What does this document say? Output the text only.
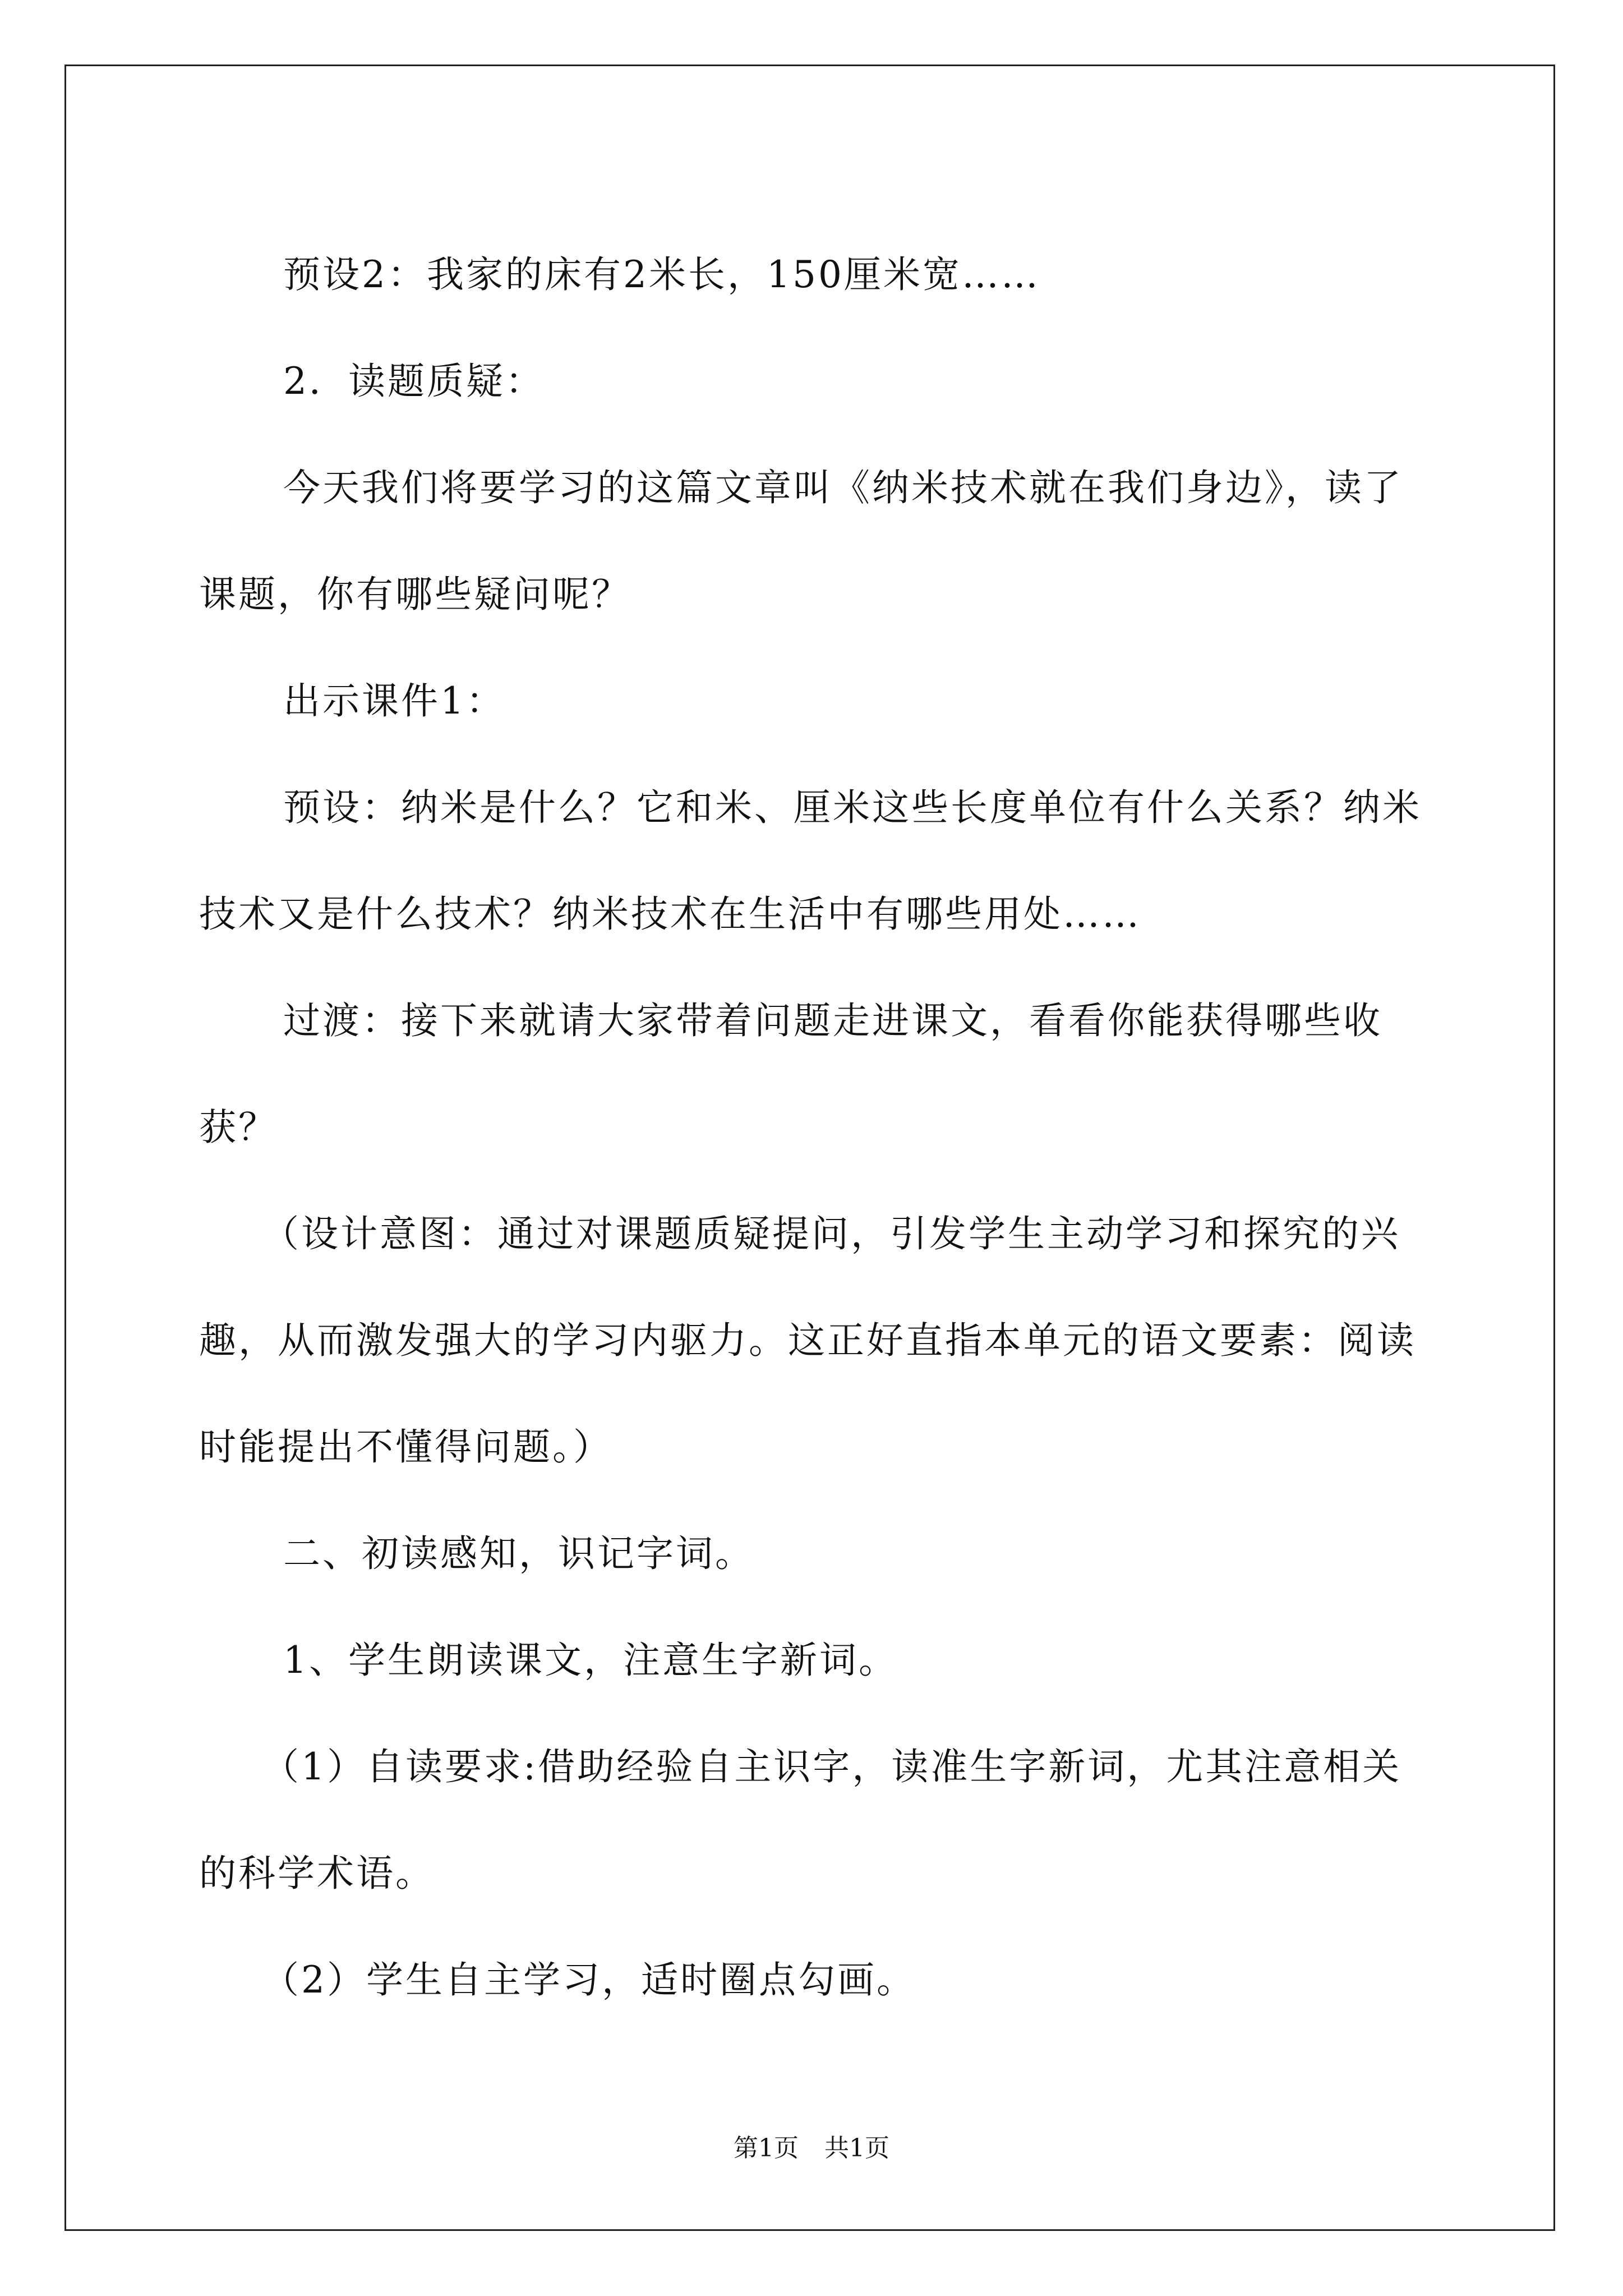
预设2：我家的床有2米长，150厘米宽……

2．读题质疑：

今天我们将要学习的这篇文章叫《纳米技术就在我们身边》，读了课题，你有哪些疑问呢？

出示课件1：

预设：纳米是什么？它和米、厘米这些长度单位有什么关系？纳米技术又是什么技术？纳米技术在生活中有哪些用处……

过渡：接下来就请大家带着问题走进课文，看看你能获得哪些收获？

（设计意图：通过对课题质疑提问，引发学生主动学习和探究的兴趣，从而激发强大的学习内驱力。这正好直指本单元的语文要素：阅读时能提出不懂得问题。）

二、初读感知，识记字词。

1、学生朗读课文，注意生字新词。

（1）自读要求:借助经验自主识字，读准生字新词，尤其注意相关的科学术语。

（2）学生自主学习，适时圈点勾画。

第1页 共1页
